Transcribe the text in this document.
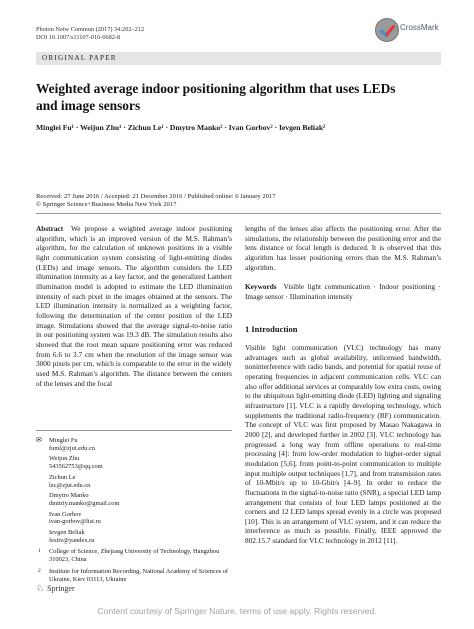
Photon Netw Commun (2017) 34:202–212
DOI 10.1007/s11107-016-0682-8
CrossMark
ORIGINAL PAPER
Weighted average indoor positioning algorithm that uses LEDs and image sensors
Minglei Fu¹ · Weijun Zhu¹ · Zichun Le¹ · Dmytro Manko² · Ivan Gorbov² · Ievgen Beliak²
Received: 27 June 2016 / Accepted: 21 December 2016 / Published online: 6 January 2017
© Springer Science+Business Media New York 2017
Abstract We propose a weighted average indoor positioning algorithm, which is an improved version of the M.S. Rahman’s algorithm, for the calculation of unknown positions in a visible light communication system consisting of light-emitting diodes (LEDs) and image sensors. The algorithm considers the LED illumination intensity as a key factor, and the generalized Lambert illumination model is adopted to estimate the LED illumination intensity of each pixel in the images obtained at the sensors. The LED illumination intensity is normalized as a weighting factor, following the determination of the center position of the LED image. Simulations showed that the average signal-to-noise ratio in our positioning system was 19.3 dB. The simulation results also showed that the root mean square positioning error was reduced from 6.6 to 3.7 cm when the resolution of the image sensor was 3000 pixels per cm, which is comparable to the error in the widely used M.S. Rahman’s algorithm. The distance between the centers of the lenses and the focal
✉ Minglei Fu
fuml@zjut.edu.cn
Weijun Zhu
543562753@qq.com
Zichun Le
lzc@zjut.edu.cn
Dmytro Manko
dmitriy.manko@gmail.com
Ivan Gorbov
ivan-gorbov@list.ru
Ievgen Beliak
festiv@yandex.ru
1 College of Science, Zhejiang University of Technology, Hangzhou 310023, China
2 Institute for Information Recording, National Academy of Sciences of Ukraine, Kiev 03113, Ukraine
lengths of the lenses also affects the positioning error. After the simulations, the relationship between the positioning error and the lens distance or focal length is deduced. It is observed that this algorithm has lesser positioning errors than the M.S. Rahman’s algorithm.
Keywords Visible light communication · Indoor positioning · Image sensor · Illumination intensity
1 Introduction
Visible light communication (VLC) technology has many advantages such as global availability, unlicensed bandwidth, noninterference with radio bands, and potential for spatial reuse of operating frequencies in adjacent communication cells. VLC can also offer additional services at comparably low extra costs, owing to the ubiquitous light-emitting diode (LED) lighting and signaling infrastructure [1]. VLC is a rapidly developing technology, which supplements the traditional radio-frequency (RF) communication. The concept of VLC was first proposed by Masao Nakagawa in 2000 [2], and developed further in 2002 [3]. VLC technology has progressed a long way from offline operations to real-time processing [4]: from low-order modulation to higher-order signal modulation [5,6], from point-to-point communication to multiple input multiple output techniques [1,7], and from transmission rates of 10-Mbit/s up to 10-Gbit/s [4–9]. In order to reduce the fluctuations in the signal-to-noise ratio (SNR), a special LED lamp arrangement that consists of four LED lamps positioned at the corners and 12 LED lamps spread evenly in a circle was proposed [10]. This is an arrangement of VLC system, and it can reduce the interference as much as possible. Finally, IEEE approved the 802.15.7 standard for VLC technology in 2012 [11].
♘ Springer
Content courtesy of Springer Nature, terms of use apply. Rights reserved.
